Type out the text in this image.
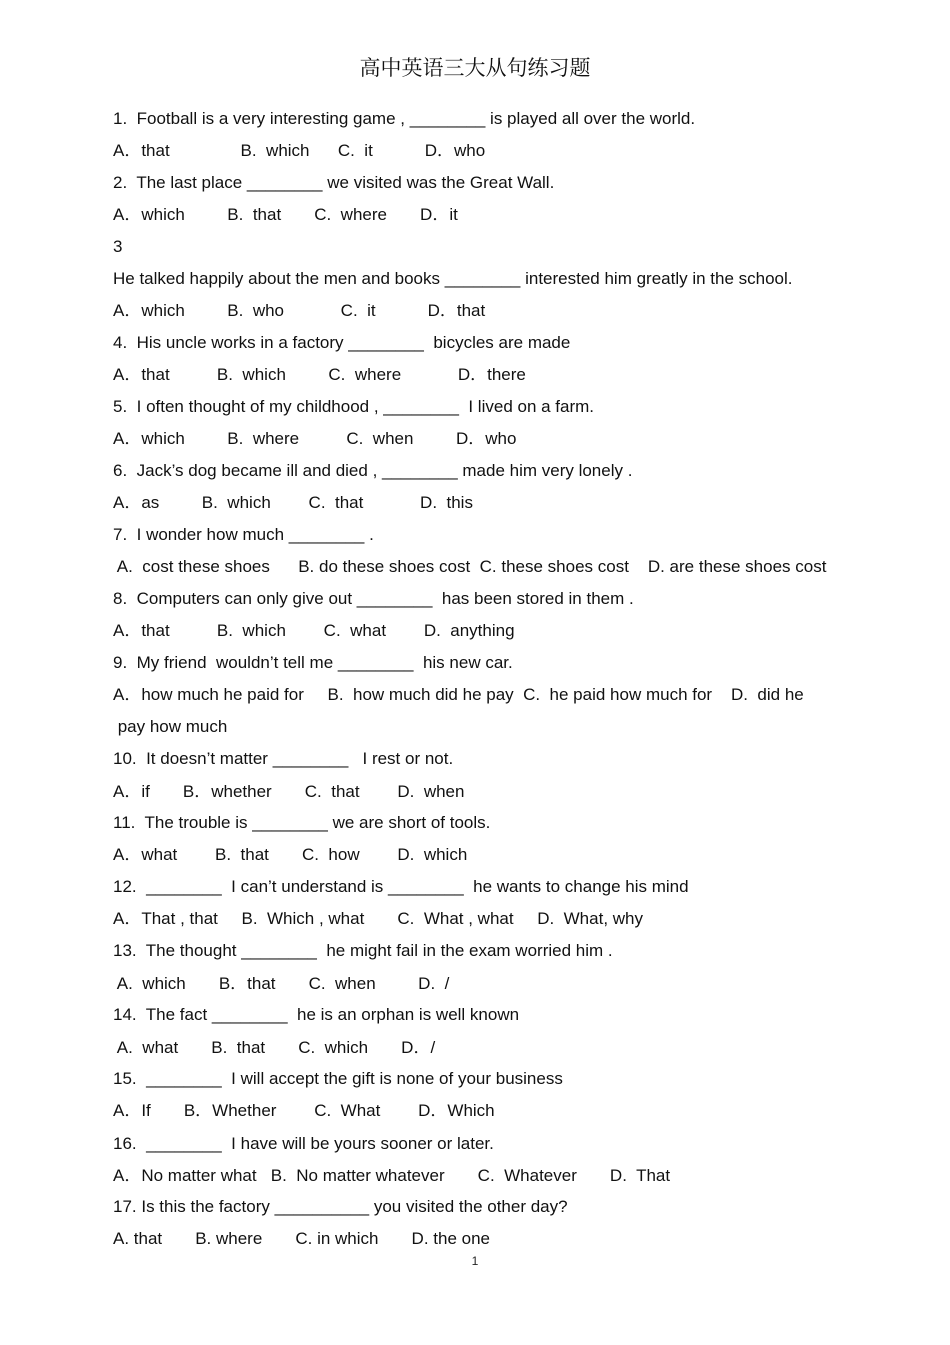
高中英语三大从句练习题
1.  Football is a very interesting game , ________ is played all over the world.
A．that               B.  which      C.  it           D．who
2.  The last place ________ we visited was the Great Wall.
A．which         B.  that       C.  where       D．it
3
He talked happily about the men and books ________ interested him greatly in the school.
A．which         B.  who            C.  it           D．that
4.  His uncle works in a factory ________  bicycles are made
A．that          B.  which         C.  where            D．there
5.  I often thought of my childhood , ________  I lived on a farm.
A．which         B.  where          C.  when         D．who
6.  Jack’s dog became ill and died , ________ made him very lonely .
A．as         B.  which        C.  that            D.  this
7.  I wonder how much ________ .
A.  cost these shoes      B. do these shoes cost  C. these shoes cost    D. are these shoes cost
8.  Computers can only give out ________  has been stored in them .
A．that          B.  which        C.  what        D.  anything
9.  My friend  wouldn’t tell me ________  his new car.
A．how much he paid for     B.  how much did he pay  C.  he paid how much for    D.  did he
pay how much
10.  It doesn’t matter ________   I rest or not.
A．if       B．whether       C.  that        D.  when
11.  The trouble is ________ we are short of tools.
A．what        B.  that       C.  how        D.  which
12.  ________  I can’t understand is ________  he wants to change his mind
A．That , that     B.  Which , what       C.  What , what     D.  What, why
13.  The thought ________  he might fail in the exam worried him .
A.  which       B．that       C.  when         D.  /
14.  The fact ________  he is an orphan is well known
A.  what       B.  that       C.  which       D．/
15.  ________  I will accept the gift is none of your business
A．If       B．Whether        C.  What        D．Which
16.  ________  I have will be yours sooner or later.
A．No matter what   B.  No matter whatever       C.  Whatever       D.  That
17. Is this the factory __________ you visited the other day?
A. that       B. where       C. in which       D. the one
1
